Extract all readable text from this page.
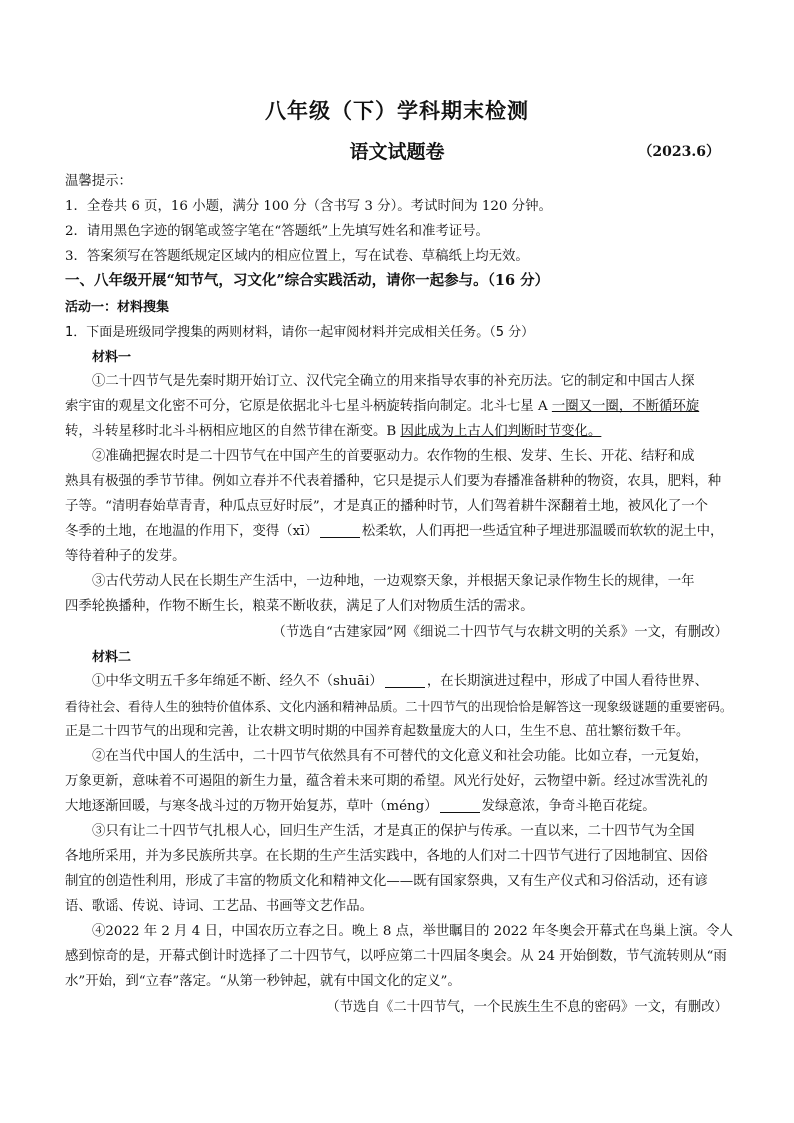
八年级（下）学科期末检测
语文试题卷	（2023.6）
温馨提示：
1．全卷共 6 页，16 小题，满分 100 分（含书写 3 分）。考试时间为 120 分钟。
2．请用黑色字迹的钢笔或签字笔在“答题纸”上先填写姓名和准考证号。
3．答案须写在答题纸规定区域内的相应位置上，写在试卷、草稿纸上均无效。
一、八年级开展“知节气，习文化”综合实践活动，请你一起参与。（16 分）
活动一：材料搜集
1．下面是班级同学搜集的两则材料，请你一起审阅材料并完成相关任务。（5 分）
材料一
①二十四节气是先秦时期开始订立、汉代完全确立的用来指导农事的补充历法。它的制定和中国古人探
索宇宙的观星文化密不可分，它原是依据北斗七星斗柄旋转指向制定。北斗七星 A 一圈又一圈，不断循环旋
转，斗转星移时北斗斗柄相应地区的自然节律在渐变。B 因此成为上古人们判断时节变化。
②准确把握农时是二十四节气在中国产生的首要驱动力。农作物的生根、发芽、生长、开花、结籽和成
熟具有极强的季节节律。例如立春并不代表着播种，它只是提示人们要为春播准备耕种的物资，农具，肥料，种
子等。“清明春始草青青，种瓜点豆好时辰”，才是真正的播种时节，人们驾着耕牛深翻着土地，被风化了一个
冬季的土地，在地温的作用下，变得（xī）	松柔软，人们再把一些适宜种子埋进那温暖而软软的泥土中，
等待着种子的发芽。
③古代劳动人民在长期生产生活中，一边种地，一边观察天象，并根据天象记录作物生长的规律，一年
四季轮换播种，作物不断生长，粮菜不断收获，满足了人们对物质生活的需求。
（节选自“古建家园”网《细说二十四节气与农耕文明的关系》一文，有删改）
材料二
①中华文明五千多年绵延不断、经久不（shuāi）	，在长期演进过程中，形成了中国人看待世界、
看待社会、看待人生的独特价值体系、文化内涵和精神品质。二十四节气的出现恰恰是解答这一现象级谜题的重要密码。
正是二十四节气的出现和完善，让农耕文明时期的中国养育起数量庞大的人口，生生不息、茁壮繁衍数千年。
②在当代中国人的生活中，二十四节气依然具有不可替代的文化意义和社会功能。比如立春，一元复始，
万象更新，意味着不可遏阻的新生力量，蕴含着未来可期的希望。风光行处好，云物望中新。经过冰雪洗礼的
大地逐渐回暖，与寒冬战斗过的万物开始复苏，草叶（méng）	发绿意浓，争奇斗艳百花绽。
③只有让二十四节气扎根人心，回归生产生活，才是真正的保护与传承。一直以来，二十四节气为全国
各地所采用，并为多民族所共享。在长期的生产生活实践中，各地的人们对二十四节气进行了因地制宜、因俗
制宜的创造性利用，形成了丰富的物质文化和精神文化——既有国家祭典，又有生产仪式和习俗活动，还有谚
语、歌谣、传说、诗词、工艺品、书画等文艺作品。
④2022 年 2 月 4 日，中国农历立春之日。晚上 8 点，举世瞩目的 2022 年冬奥会开幕式在鸟巢上演。令人
感到惊奇的是，开幕式倒计时选择了二十四节气，以呼应第二十四届冬奥会。从 24 开始倒数，节气流转则从“雨
水”开始，到“立春”落定。“从第一秒钟起，就有中国文化的定义”。
（节选自《二十四节气，一个民族生生不息的密码》一文，有删改）
